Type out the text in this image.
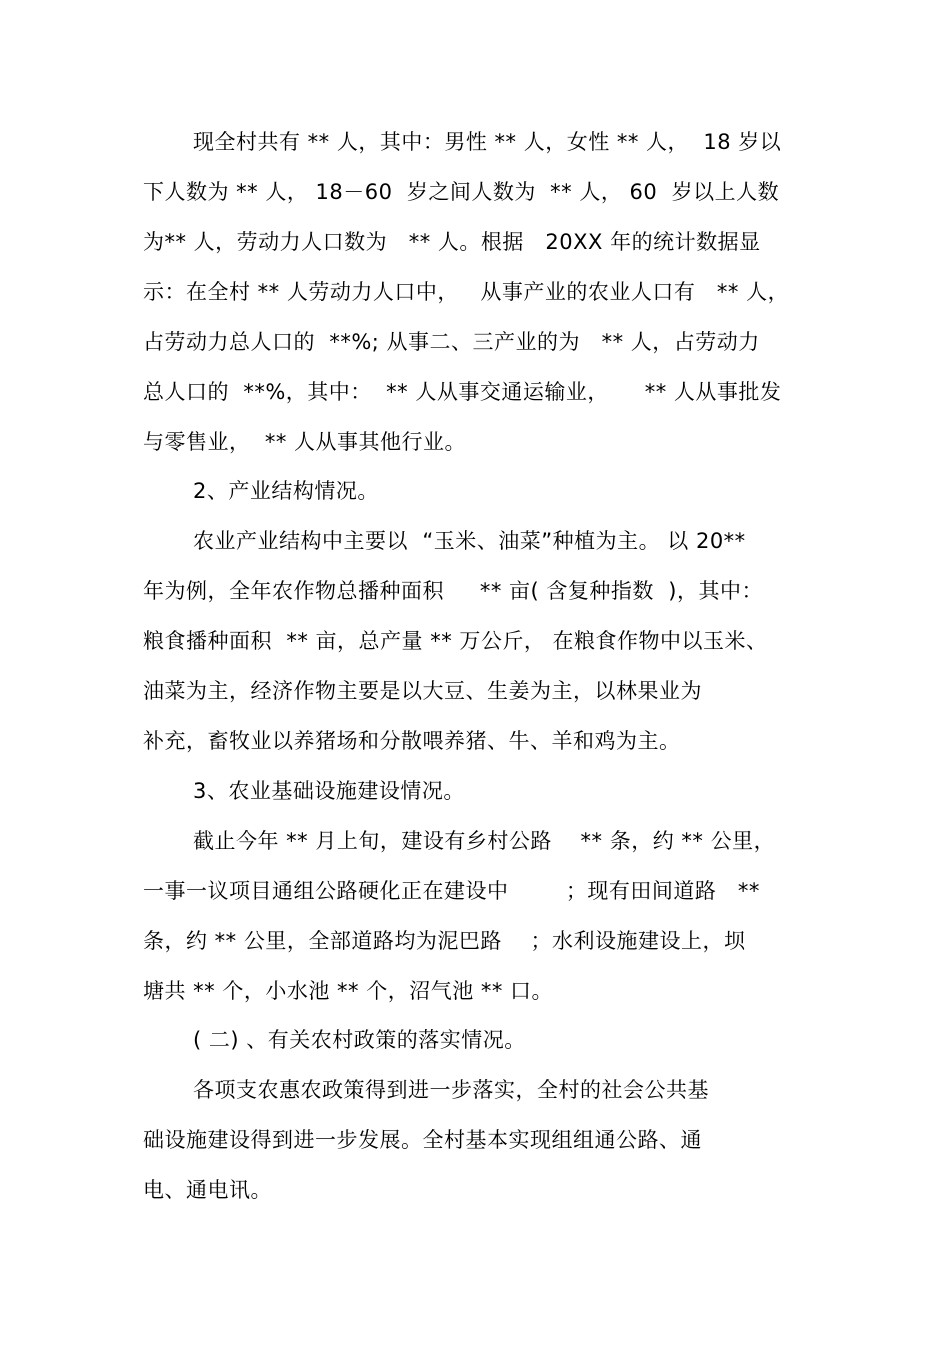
现全村共有 ** 人，其中：男性 ** 人，女性 ** 人，  18 岁以
下人数为 ** 人， 18－60  岁之间人数为  ** 人， 60  岁以上人数
为** 人，劳动力人口数为   ** 人。根据   20XX 年的统计数据显
示：在全村 ** 人劳动力人口中，   从事产业的农业人口有   ** 人，
占劳动力总人口的  **%; 从事二、三产业的为   ** 人，占劳动力
总人口的  **%，其中：  ** 人从事交通运输业，     ** 人从事批发
与零售业，  ** 人从事其他行业。
2、产业结构情况。
农业产业结构中主要以  “玉米、油菜”种植为主。 以 20**
年为例，全年农作物总播种面积     ** 亩( 含复种指数  )，其中：
粮食播种面积  ** 亩，总产量 ** 万公斤， 在粮食作物中以玉米、
油菜为主，经济作物主要是以大豆、生姜为主，以林果业为
补充，畜牧业以养猪场和分散喂养猪、牛、羊和鸡为主。
3、农业基础设施建设情况。
截止今年 ** 月上旬，建设有乡村公路    ** 条，约 ** 公里，
一事一议项目通组公路硬化正在建设中        ；现有田间道路   **
条，约 ** 公里，全部道路均为泥巴路    ；水利设施建设上，坝
塘共 ** 个，小水池 ** 个，沼气池 ** 口。
( 二) 、有关农村政策的落实情况。
各项支农惠农政策得到进一步落实，全村的社会公共基
础设施建设得到进一步发展。全村基本实现组组通公路、通
电、通电讯。
